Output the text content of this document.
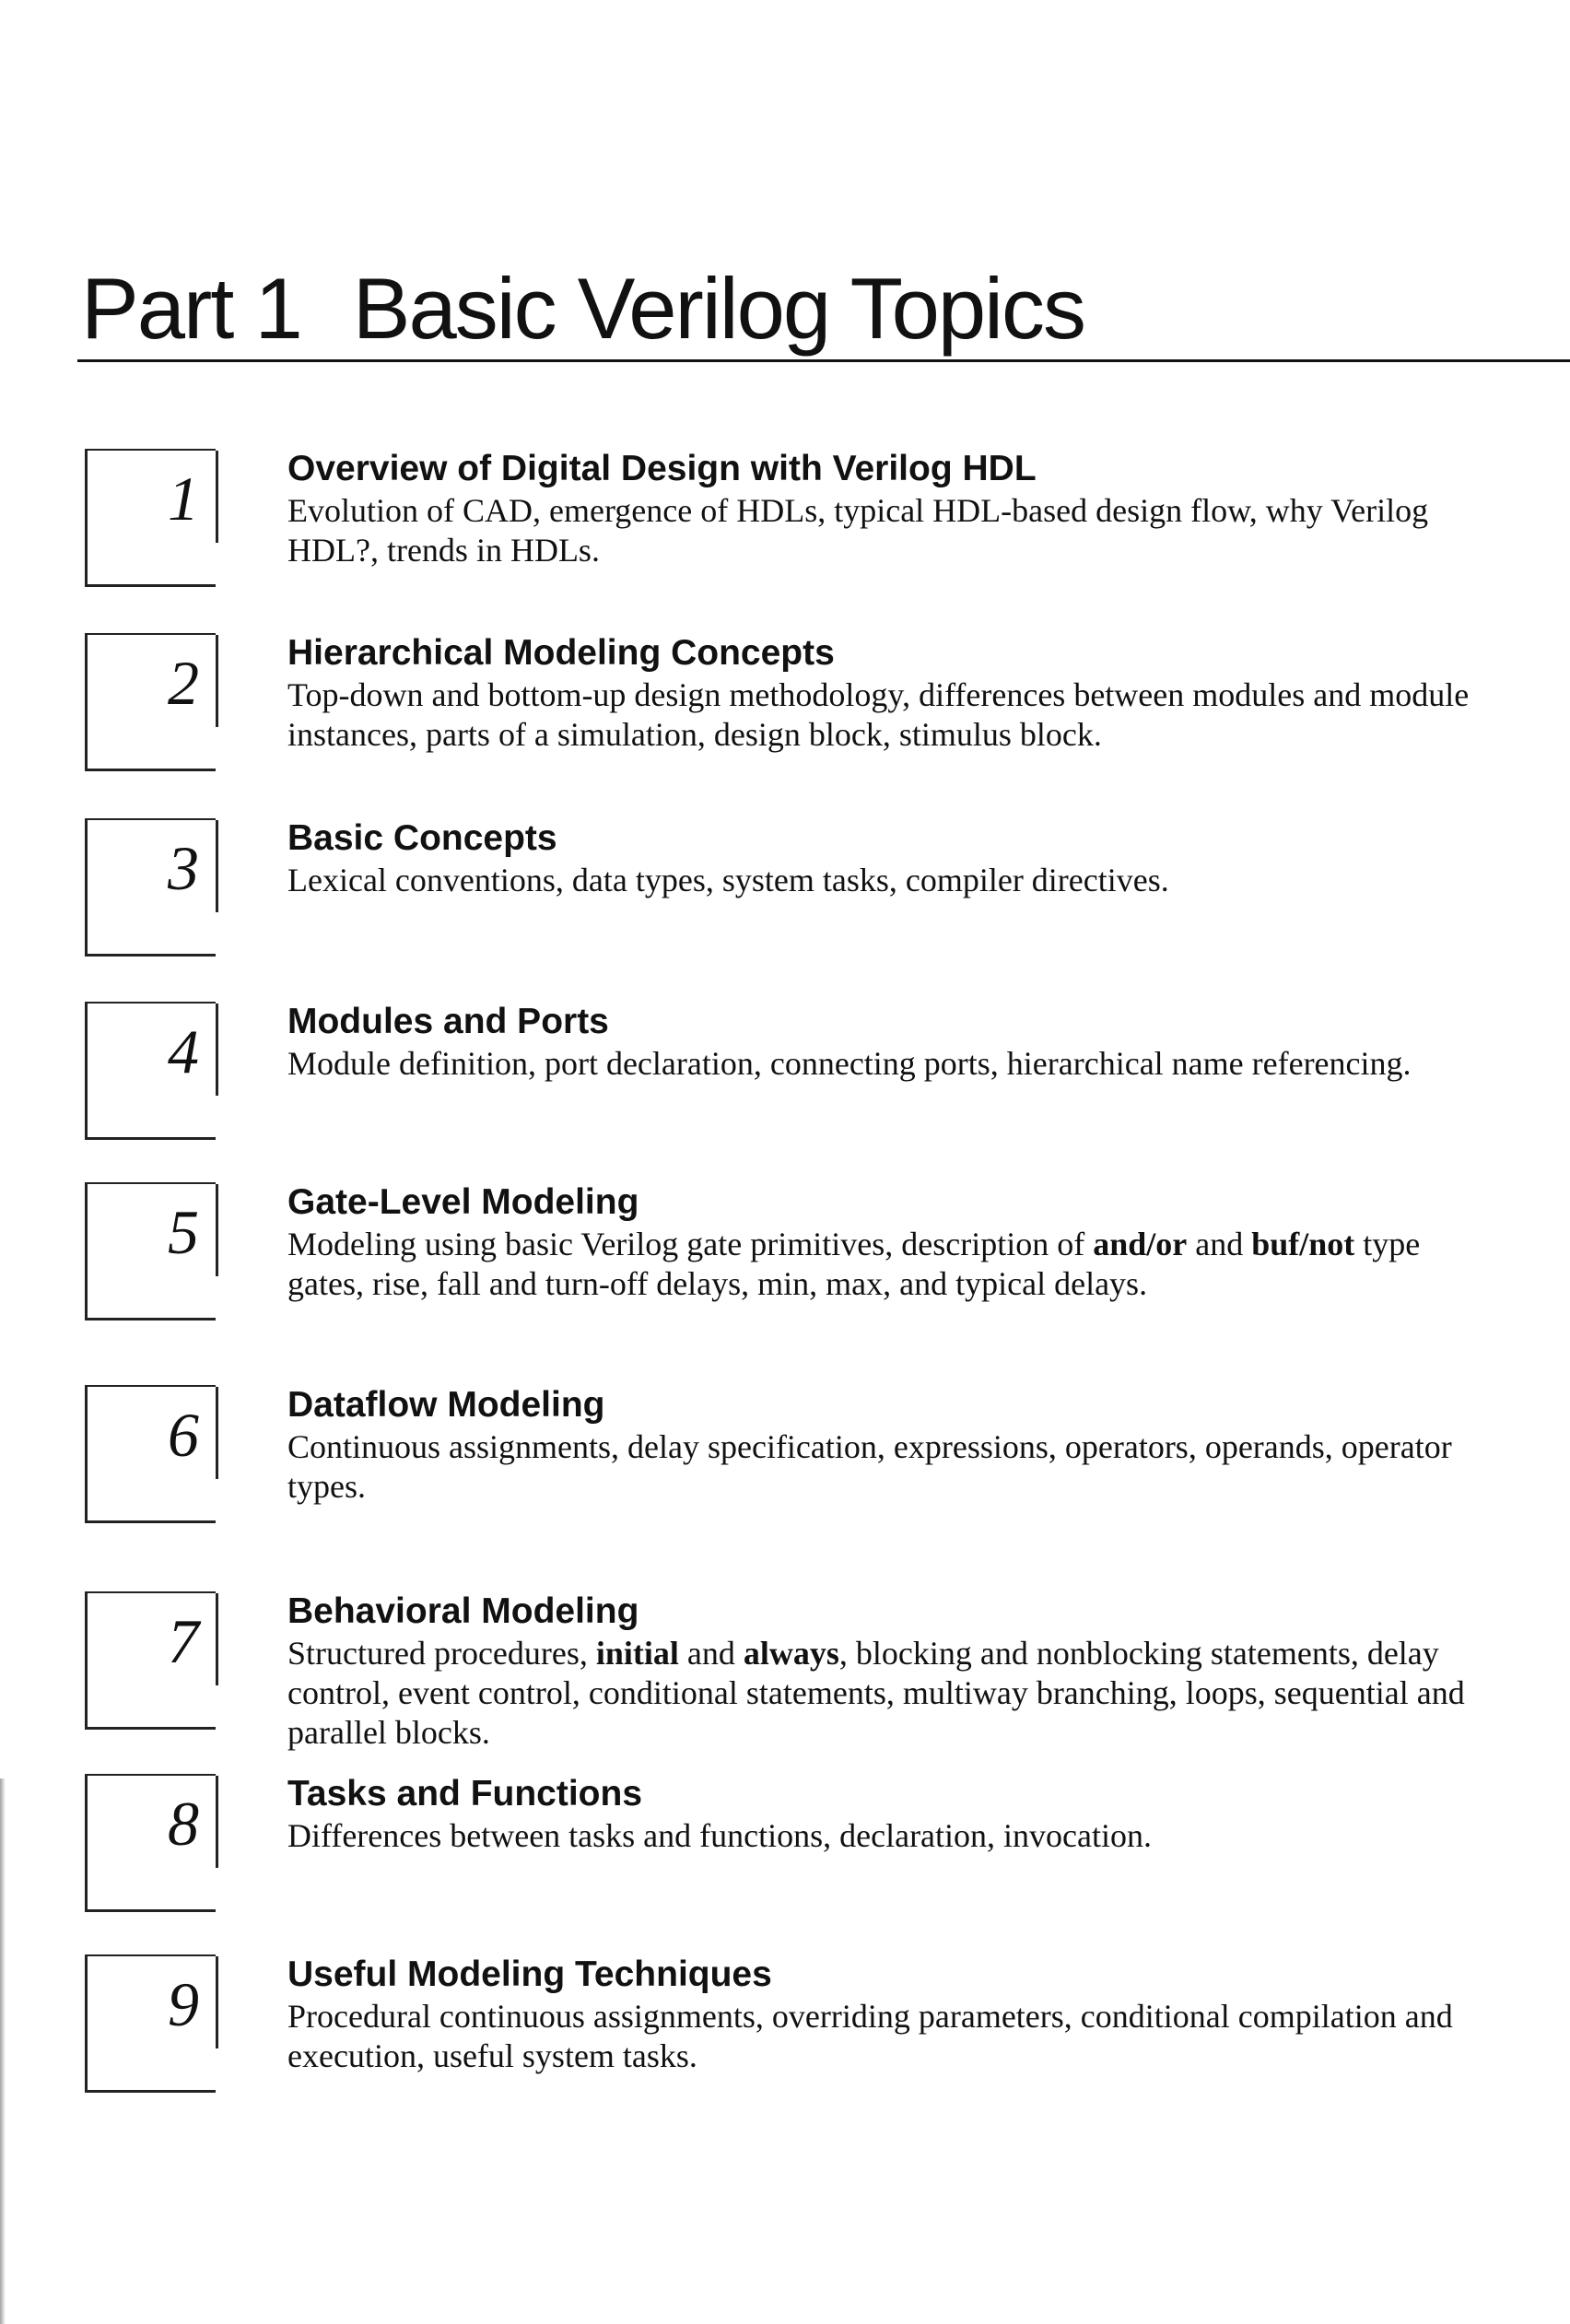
Part 1 Basic Verilog Topics
1 Overview of Digital Design with Verilog HDL

Evolution of CAD, emergence of HDLs, typical HDL-based design flow, why Verilog HDL?, trends in HDLs.

2 Hierarchical Modeling Concepts

Top-down and bottom-up design methodology, differences between modules and module instances, parts of a simulation, design block, stimulus block.

3 Basic Concepts

Lexical conventions, data types, system tasks, compiler directives.

4 Modules and Ports

Module definition, port declaration, connecting ports, hierarchical name referencing.

5 Gate-Level Modeling

Modeling using basic Verilog gate primitives, description of and/or and buf/not type gates, rise, fall and turn-off delays, min, max, and typical delays.

6 Dataflow Modeling

Continuous assignments, delay specification, expressions, operators, operands, operator types.

7 Behavioral Modeling

Structured procedures, initial and always, blocking and nonblocking statements, delay control, event control, conditional statements, multiway branching, loops, sequential and parallel blocks.

8 Tasks and Functions

Differences between tasks and functions, declaration, invocation.

9 Useful Modeling Techniques

Procedural continuous assignments, overriding parameters, conditional compilation and execution, useful system tasks.
